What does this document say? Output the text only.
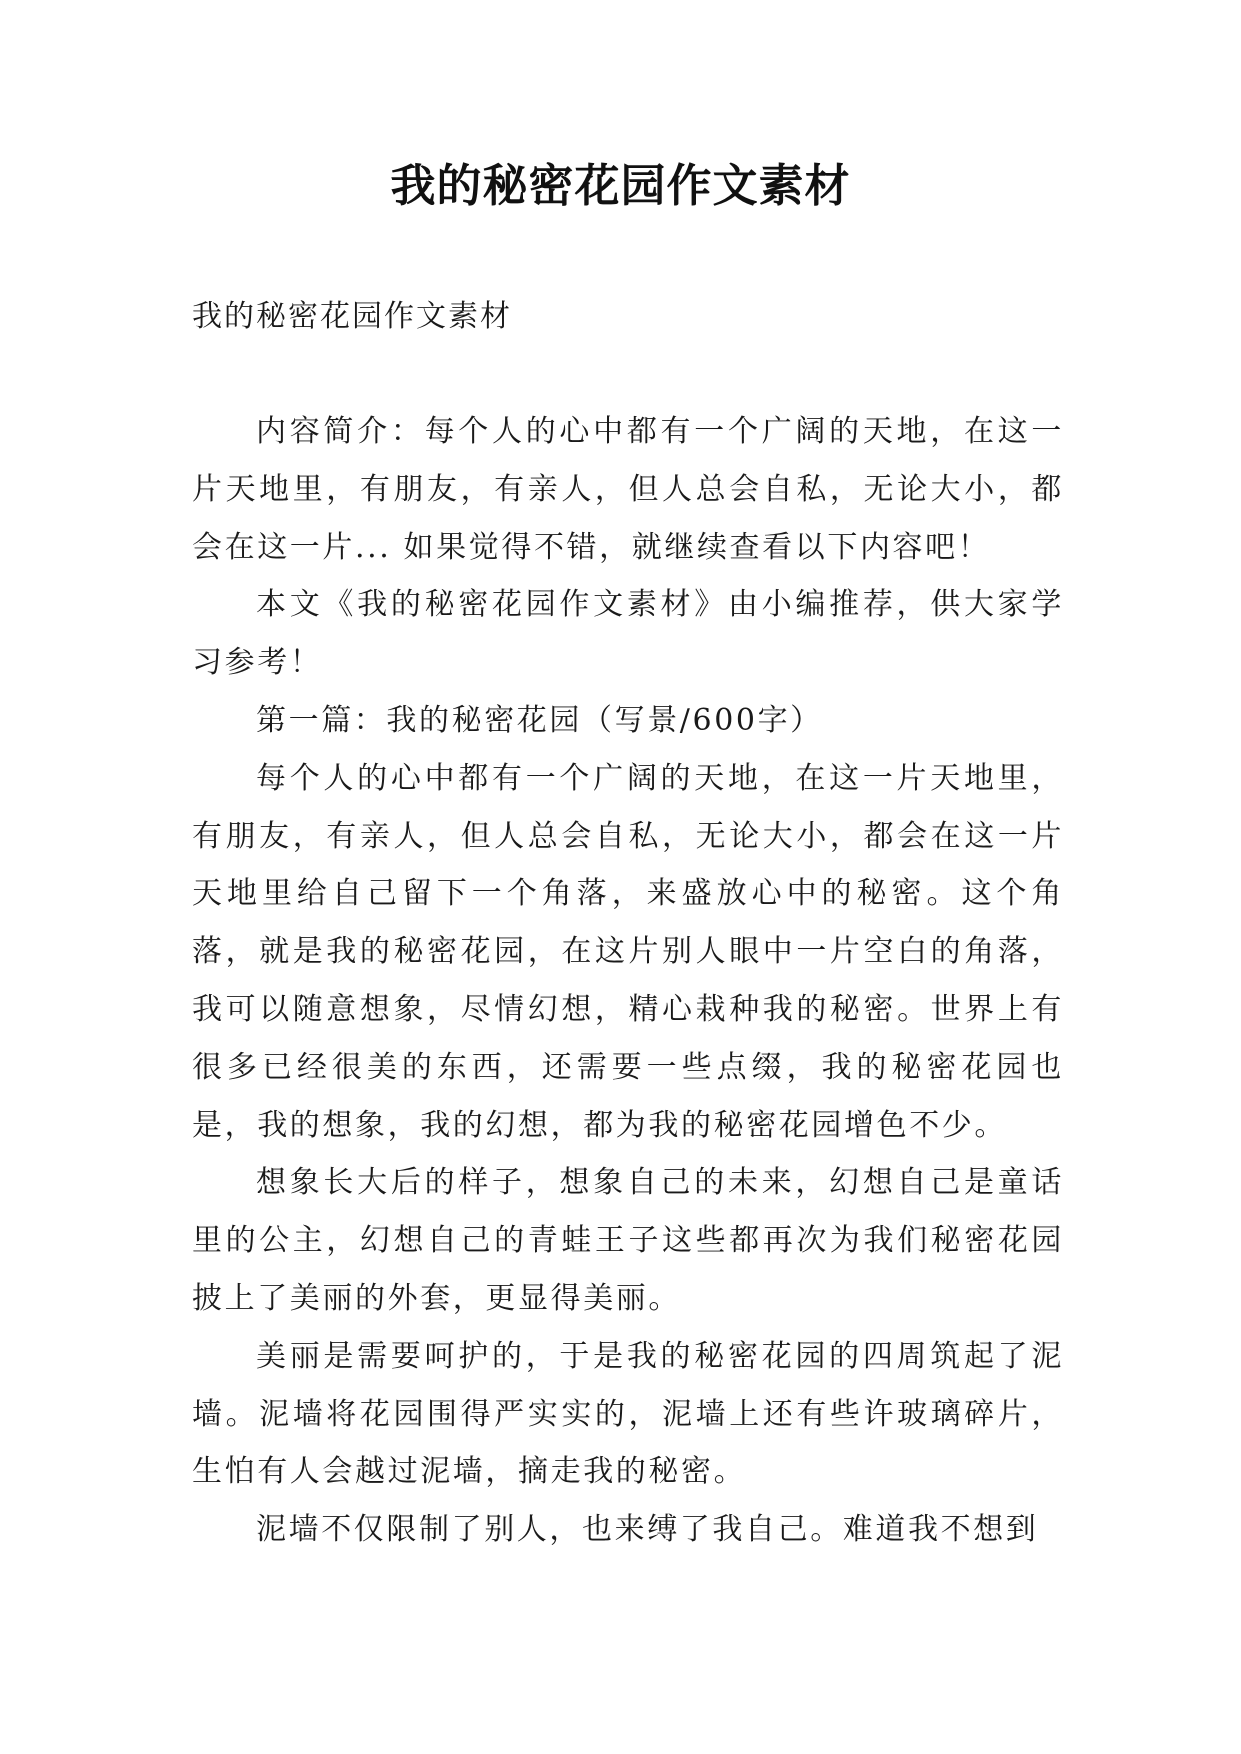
我的秘密花园作文素材

我的秘密花园作文素材

内容简介：每个人的心中都有一个广阔的天地，在这一片天地里，有朋友，有亲人，但人总会自私，无论大小，都会在这一片... 如果觉得不错，就继续查看以下内容吧！

本文《我的秘密花园作文素材》由小编推荐，供大家学习参考！

第一篇：我的秘密花园（写景/600字）

每个人的心中都有一个广阔的天地，在这一片天地里，有朋友，有亲人，但人总会自私，无论大小，都会在这一片天地里给自己留下一个角落，来盛放心中的秘密。这个角落，就是我的秘密花园，在这片别人眼中一片空白的角落，我可以随意想象，尽情幻想，精心栽种我的秘密。世界上有很多已经很美的东西，还需要一些点缀，我的秘密花园也是，我的想象，我的幻想，都为我的秘密花园增色不少。

想象长大后的样子，想象自己的未来，幻想自己是童话里的公主，幻想自己的青蛙王子这些都再次为我们秘密花园披上了美丽的外套，更显得美丽。

美丽是需要呵护的，于是我的秘密花园的四周筑起了泥墙。泥墙将花园围得严实实的，泥墙上还有些许玻璃碎片，生怕有人会越过泥墙，摘走我的秘密。

泥墙不仅限制了别人，也来缚了我自己。难道我不想到
